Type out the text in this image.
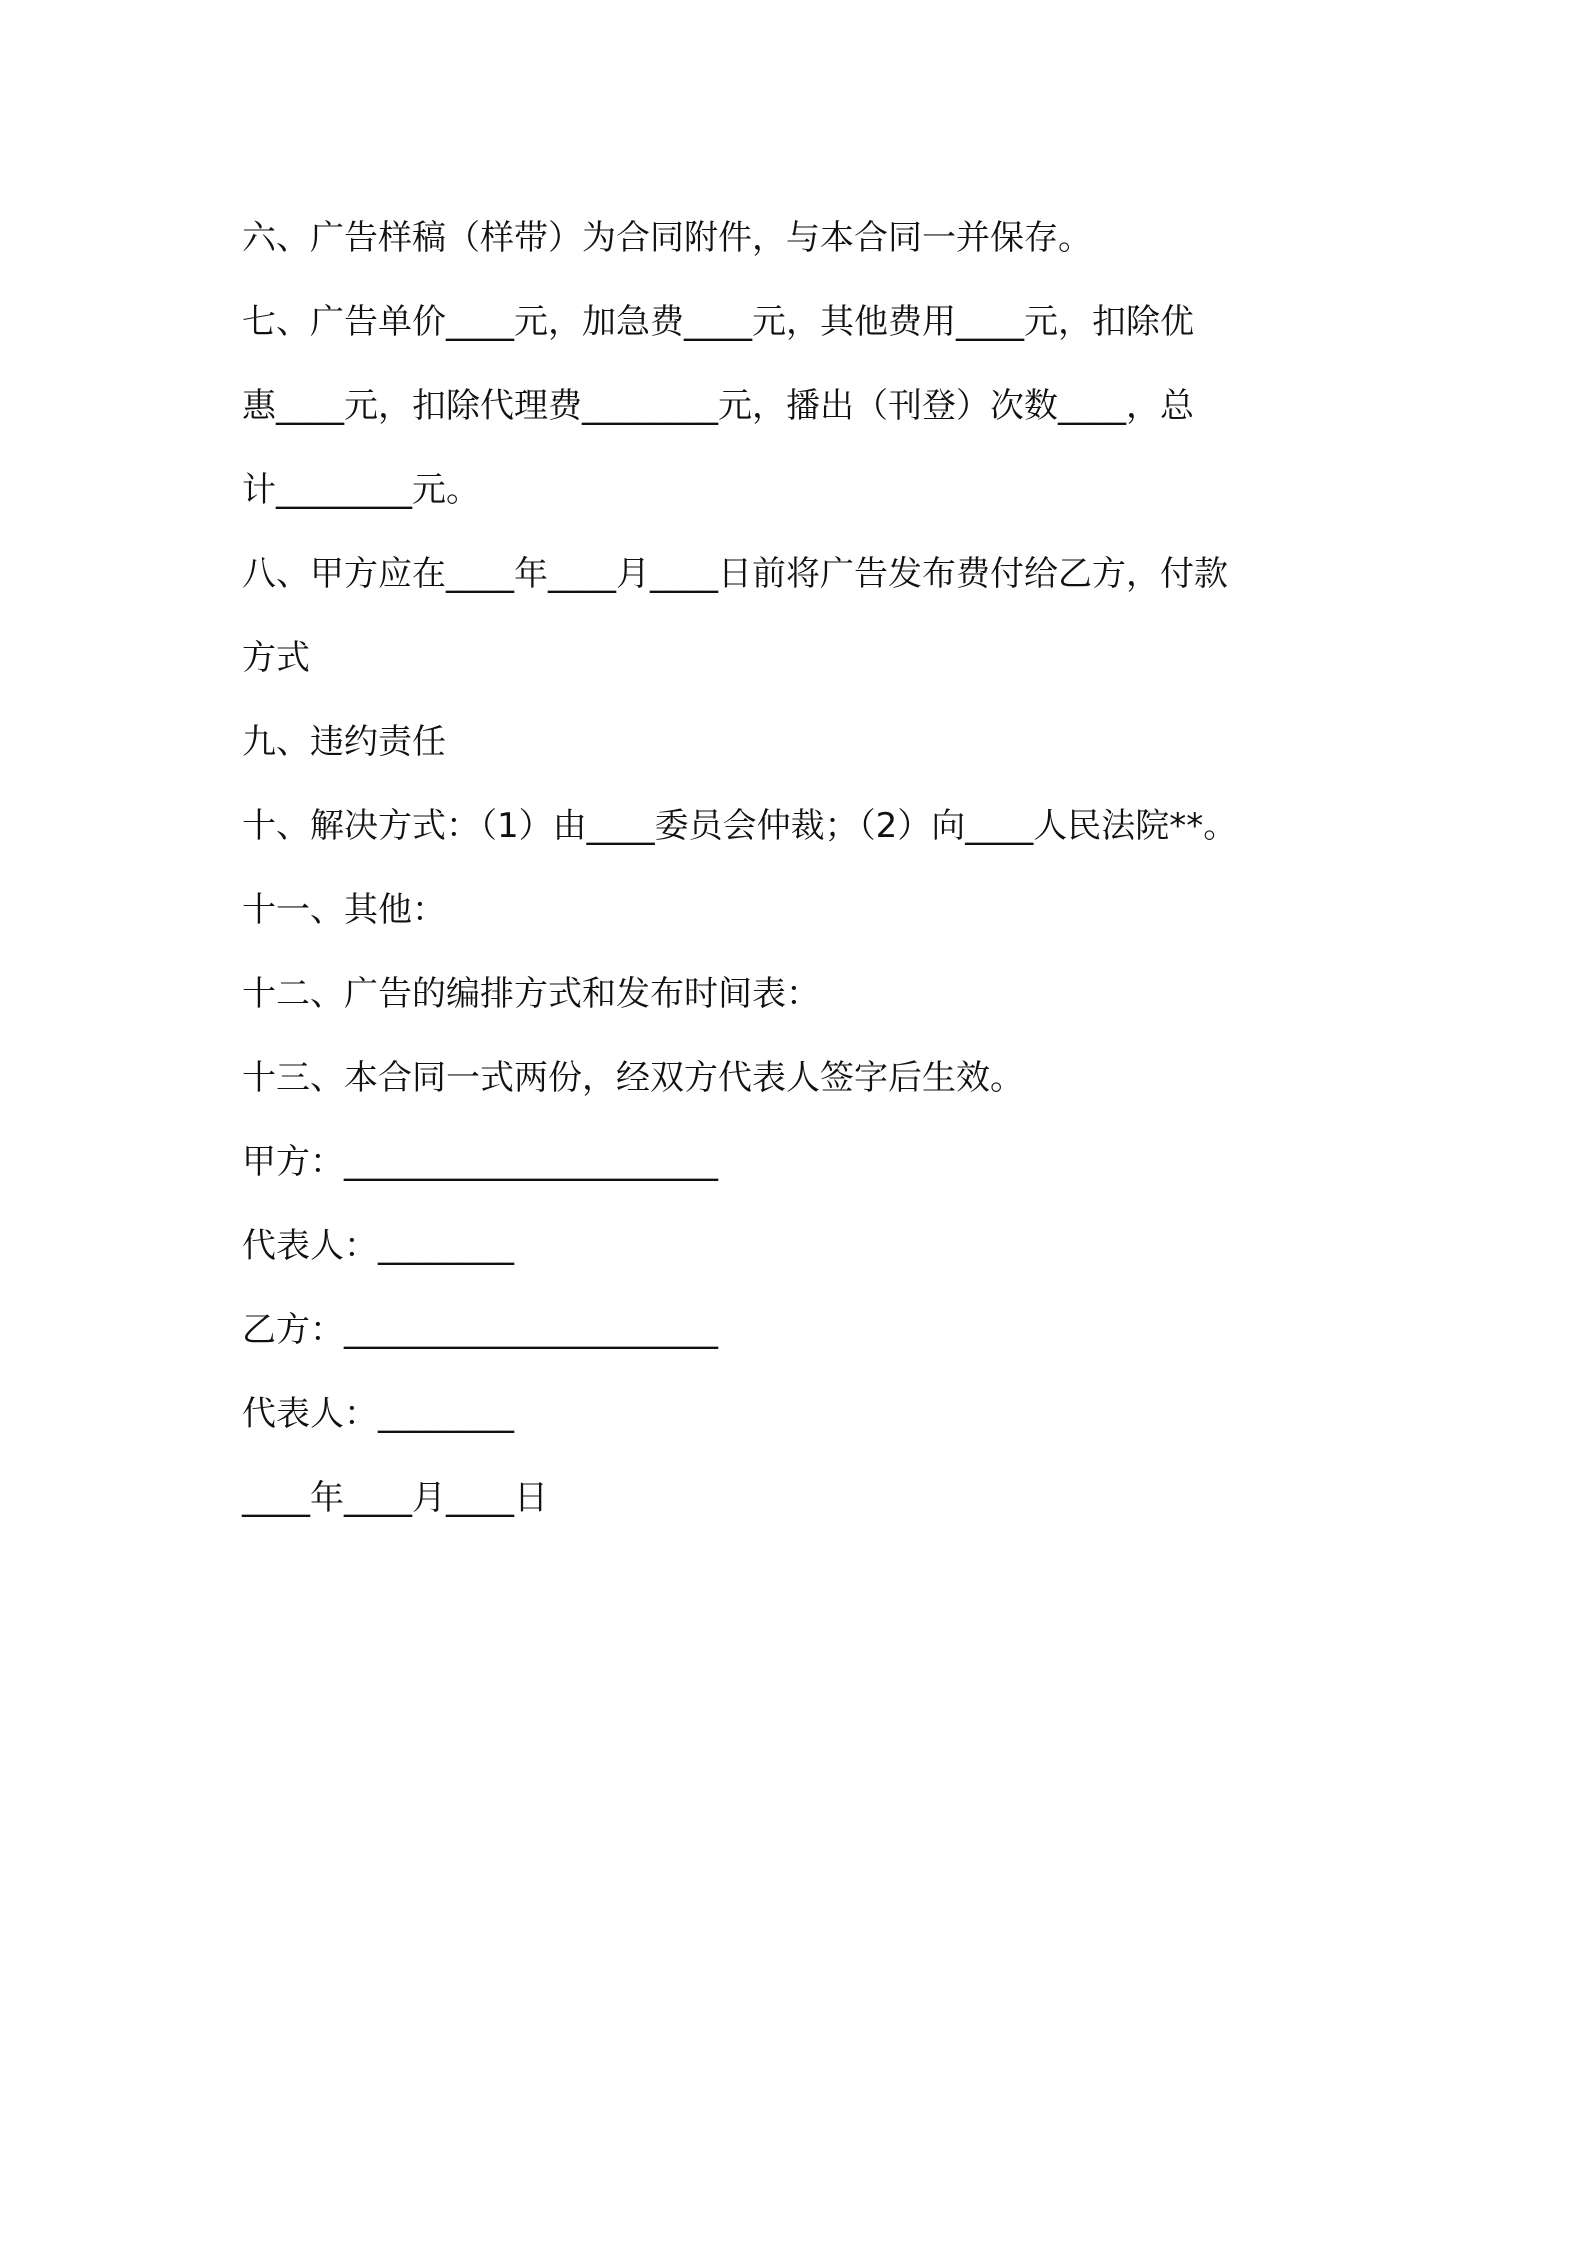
六、广告样稿（样带）为合同附件，与本合同一并保存。
七、广告单价____元，加急费____元，其他费用____元，扣除优
惠____元，扣除代理费________元，播出（刊登）次数____，总
计________元。
八、甲方应在____年____月____日前将广告发布费付给乙方，付款
方式
九、违约责任
十、解决方式：（1）由____委员会仲裁；（2）向____人民法院**。
十一、其他：
十二、广告的编排方式和发布时间表：
十三、本合同一式两份，经双方代表人签字后生效。
甲方：______________________
代表人：________
乙方：______________________
代表人：________
____年____月____日
